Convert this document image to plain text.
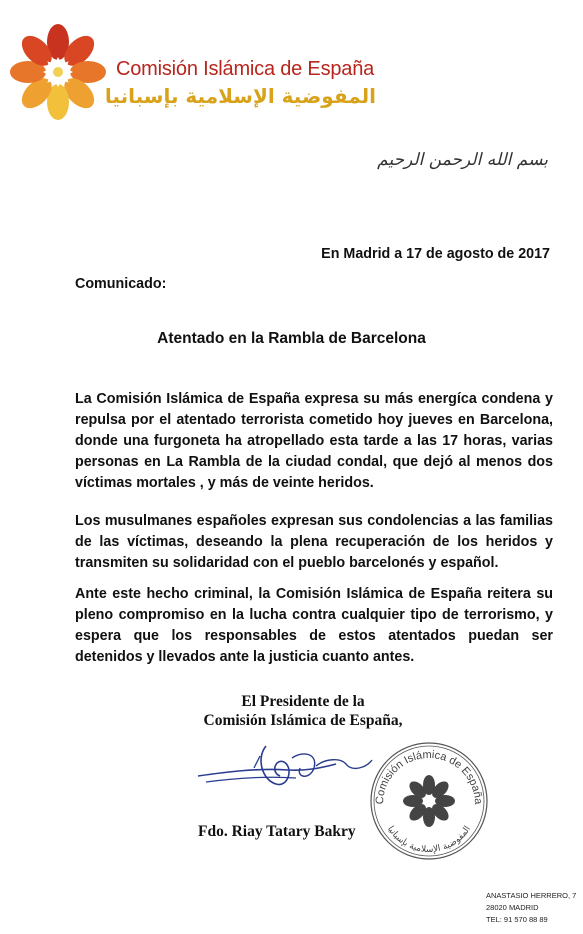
Comisión Islámica de España
المفوضية الإسلامية بإسبانيا
بسم الله الرحمن الرحيم
En Madrid a 17 de agosto de 2017
Comunicado:
Atentado en la Rambla de Barcelona

La Comisión Islámica de España expresa su más energíca condena y repulsa por el atentado terrorista cometido hoy jueves en Barcelona, donde una furgoneta ha atropellado esta tarde a las 17 horas, varias personas en La Rambla de la ciudad condal, que dejó al menos dos víctimas mortales , y más de veinte heridos.

Los musulmanes españoles expresan sus condolencias a las familias de las víctimas, deseando la plena recuperación de los heridos y transmiten su solidaridad con el pueblo barcelonés y español.

Ante este hecho criminal, la Comisión Islámica de España reitera su pleno compromiso en la lucha contra cualquier tipo de terrorismo, y espera que los responsables de estos atentados puedan ser detenidos y llevados ante la justicia cuanto antes.

El Presidente de la
Comisión Islámica de España,
Fdo. Riay Tatary Bakry
Comisión Islámica de España
المفوضية الإسلامية بإسبانيا
ANASTASIO HERRERO, 7
28020 MADRID
TEL: 91 570 88 89
